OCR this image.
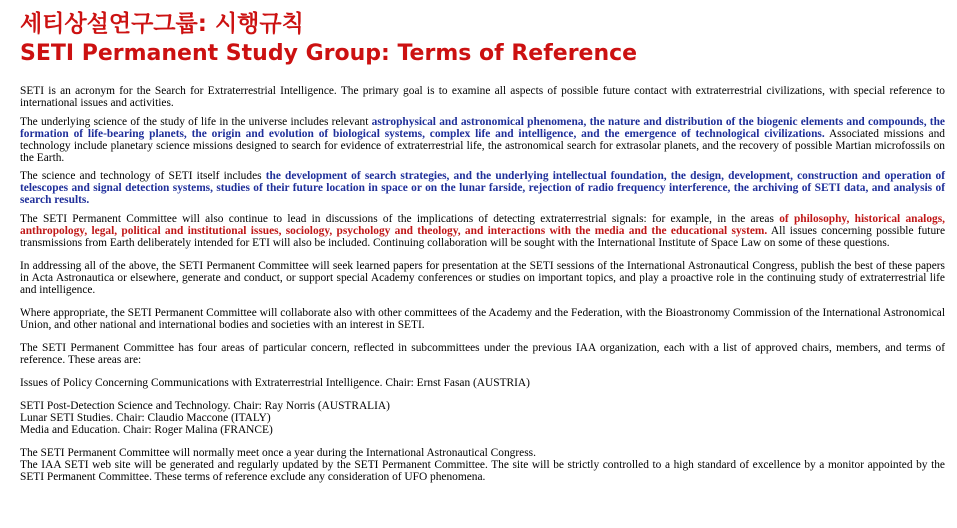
세티상설연구그룹: 시행규칙
SETI Permanent Study Group: Terms of Reference

SETI is an acronym for the Search for Extraterrestrial Intelligence. The primary goal is to examine all aspects of possible future contact with extraterrestrial civilizations, with special reference to international issues and activities.

The underlying science of the study of life in the universe includes relevant astrophysical and astronomical phenomena, the nature and distribution of the biogenic elements and compounds, the formation of life-bearing planets, the origin and evolution of biological systems, complex life and intelligence, and the emergence of technological civilizations. Associated missions and technology include planetary science missions designed to search for evidence of extraterrestrial life, the astronomical search for extrasolar planets, and the recovery of possible Martian microfossils on the Earth.

The science and technology of SETI itself includes the development of search strategies, and the underlying intellectual foundation, the design, development, construction and operation of telescopes and signal detection systems, studies of their future location in space or on the lunar farside, rejection of radio frequency interference, the archiving of SETI data, and analysis of search results.

The SETI Permanent Committee will also continue to lead in discussions of the implications of detecting extraterrestrial signals: for example, in the areas of philosophy, historical analogs, anthropology, legal, political and institutional issues, sociology, psychology and theology, and interactions with the media and the educational system. All issues concerning possible future transmissions from Earth deliberately intended for ETI will also be included. Continuing collaboration will be sought with the International Institute of Space Law on some of these questions.

In addressing all of the above, the SETI Permanent Committee will seek learned papers for presentation at the SETI sessions of the International Astronautical Congress, publish the best of these papers in Acta Astronautica or elsewhere, generate and conduct, or support special Academy conferences or studies on important topics, and play a proactive role in the continuing study of extraterrestrial life and intelligence.

Where appropriate, the SETI Permanent Committee will collaborate also with other committees of the Academy and the Federation, with the Bioastronomy Commission of the International Astronomical Union, and other national and international bodies and societies with an interest in SETI.

The SETI Permanent Committee has four areas of particular concern, reflected in subcommittees under the previous IAA organization, each with a list of approved chairs, members, and terms of reference. These areas are:

Issues of Policy Concerning Communications with Extraterrestrial Intelligence. Chair: Ernst Fasan (AUSTRIA)

SETI Post-Detection Science and Technology. Chair: Ray Norris (AUSTRALIA)

Lunar SETI Studies. Chair: Claudio Maccone (ITALY)

Media and Education. Chair: Roger Malina (FRANCE)

The SETI Permanent Committee will normally meet once a year during the International Astronautical Congress.

The IAA SETI web site will be generated and regularly updated by the SETI Permanent Committee. The site will be strictly controlled to a high standard of excellence by a monitor appointed by the SETI Permanent Committee. These terms of reference exclude any consideration of UFO phenomena.
